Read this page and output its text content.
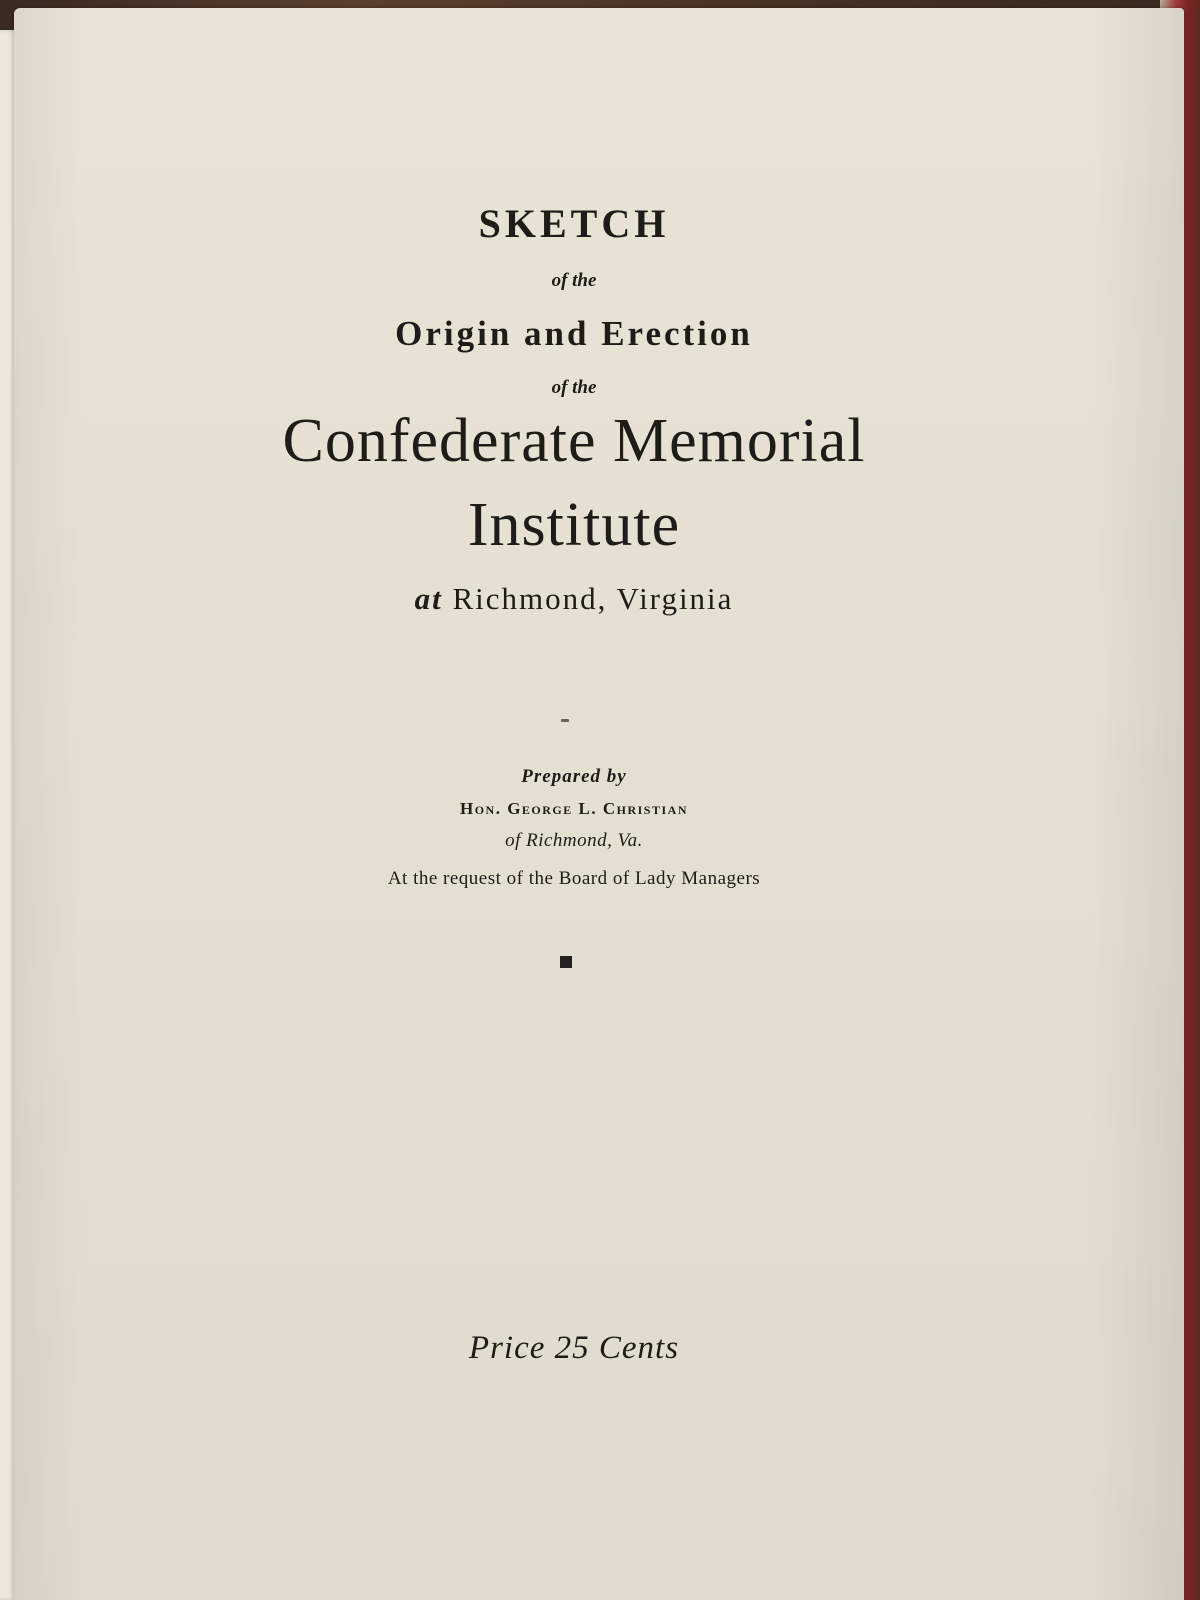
SKETCH
of the
Origin and Erection
of the
Confederate Memorial
Institute
at Richmond, Virginia
Prepared by
Hon. George L. Christian
of Richmond, Va.
At the request of the Board of Lady Managers
Price 25 Cents
